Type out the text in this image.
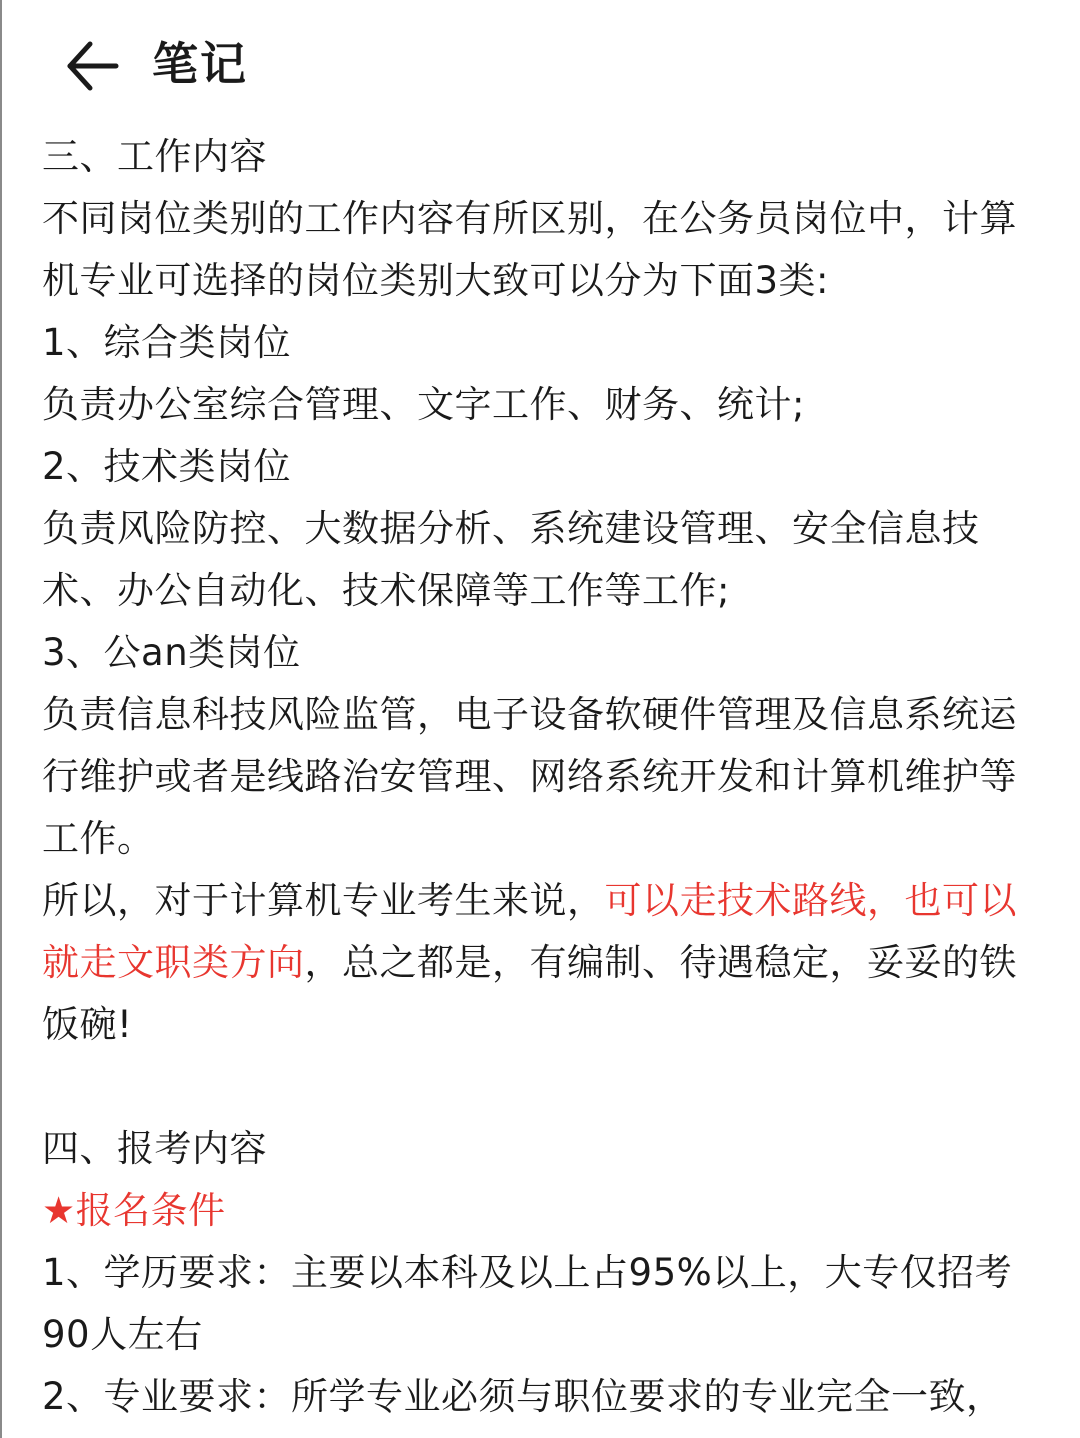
笔记

三、工作内容

不同岗位类别的工作内容有所区别，在公务员岗位中，计算机专业可选择的岗位类别大致可以分为下面3类:

1、综合类岗位

负责办公室综合管理、文字工作、财务、统计;

2、技术类岗位

负责风险防控、大数据分析、系统建设管理、安全信息技术、办公自动化、技术保障等工作等工作;

3、公an类岗位

负责信息科技风险监管，电子设备软硬件管理及信息系统运行维护或者是线路治安管理、网络系统开发和计算机维护等工作。

所以，对于计算机专业考生来说，可以走技术路线，也可以就走文职类方向，总之都是，有编制、待遇稳定，妥妥的铁饭碗!

四、报考内容

★报名条件

1、学历要求：主要以本科及以上占95%以上，大专仅招考90人左右

2、专业要求：所学专业必须与职位要求的专业完全一致，
